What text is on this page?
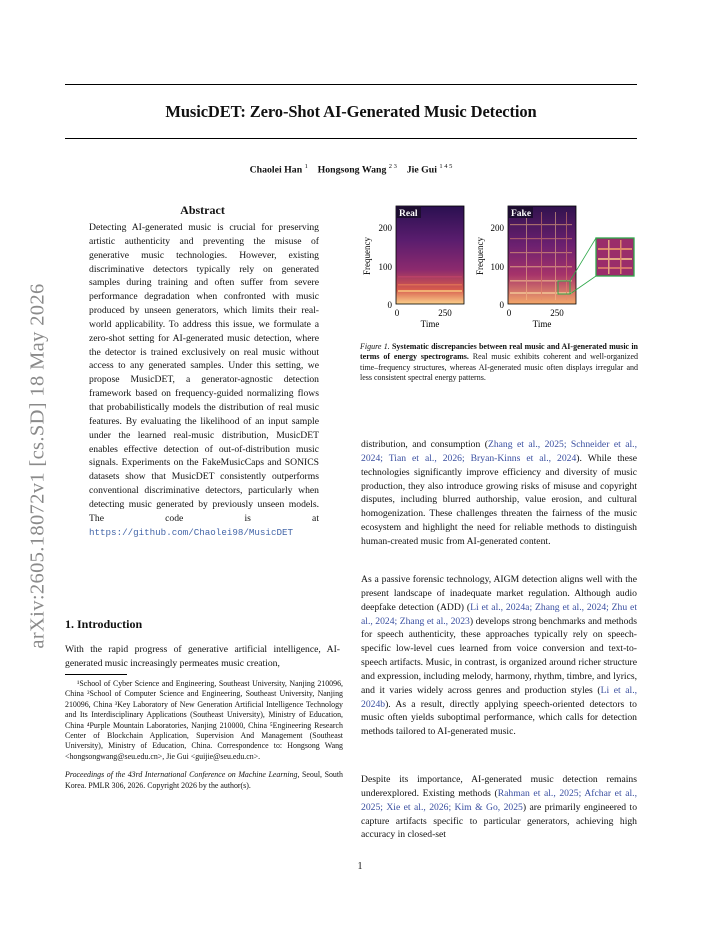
MusicDET: Zero-Shot AI-Generated Music Detection
Chaolei Han $^1$ Hongsong Wang $^{2 3}$ Jie Gui $^{1 4 5}$
arXiv:2605.18072v1 [cs.SD] 18 May 2026
Abstract
Detecting AI-generated music is crucial for preserving artistic authenticity and preventing the misuse of generative music technologies. However, existing discriminative detectors typically rely on generated samples during training and often suffer from severe performance degradation when confronted with music produced by unseen generators, which limits their real-world applicability. To address this issue, we formulate a zero-shot setting for AI-generated music detection, where the detector is trained exclusively on real music without access to any generated samples. Under this setting, we propose MusicDET, a generator-agnostic detection framework based on frequency-guided normalizing flows that probabilistically models the distribution of real music features. By evaluating the likelihood of an input sample under the learned real-music distribution, MusicDET enables effective detection of out-of-distribution music signals. Experiments on the FakeMusicCaps and SONICS datasets show that MusicDET consistently outperforms conventional discriminative detectors, particularly when detecting music generated by previously unseen models. The code is at https://github.com/Chaolei98/MusicDET
1. Introduction
With the rapid progress of generative artificial intelligence, AI-generated music increasingly permeates music creation,

¹School of Cyber Science and Engineering, Southeast University, Nanjing 210096, China ²School of Computer Science and Engineering, Southeast University, Nanjing 210096, China ³Key Laboratory of New Generation Artificial Intelligence Technology and Its Interdisciplinary Applications (Southeast University), Ministry of Education, China ⁴Purple Mountain Laboratories, Nanjing 210000, China ⁵Engineering Research Center of Blockchain Application, Supervision And Management (Southeast University), Ministry of Education, China. Correspondence to: Hongsong Wang <hongsongwang@seu.edu.cn>, Jie Gui <guijie@seu.edu.cn>.

Proceedings of the 43rd International Conference on Machine Learning, Seoul, South Korea. PMLR 306, 2026. Copyright 2026 by the author(s).

Real
200
100
0
Frequency
0	250
Time
Fake
200
100
0
Frequency
0	250
Time
Figure 1. Systematic discrepancies between real music and AI-generated music in terms of energy spectrograms. Real music exhibits coherent and well-organized time–frequency structures, whereas AI-generated music often displays irregular and less consistent spectral energy patterns.
distribution, and consumption (Zhang et al., 2025; Schneider et al., 2024; Tian et al., 2026; Bryan-Kinns et al., 2024). While these technologies significantly improve efficiency and diversity of music production, they also introduce growing risks of misuse and copyright disputes, including blurred authorship, value erosion, and cultural homogenization. These challenges threaten the fairness of the music ecosystem and highlight the need for reliable methods to distinguish human-created music from AI-generated content.
As a passive forensic technology, AIGM detection aligns well with the present landscape of inadequate market regulation. Although audio deepfake detection (ADD) (Li et al., 2024a; Zhang et al., 2024; Zhu et al., 2024; Zhang et al., 2023) develops strong benchmarks and methods for speech authenticity, these approaches typically rely on speech-specific low-level cues learned from voice conversion and text-to-speech artifacts. Music, in contrast, is organized around richer structure and expression, including melody, harmony, rhythm, timbre, and lyrics, and it varies widely across genres and production styles (Li et al., 2024b). As a result, directly applying speech-oriented detectors to music often yields suboptimal performance, which calls for detection methods tailored to AI-generated music.
Despite its importance, AI-generated music detection remains underexplored. Existing methods (Rahman et al., 2025; Afchar et al., 2025; Xie et al., 2026; Kim & Go, 2025) are primarily engineered to capture artifacts specific to particular generators, achieving high accuracy in closed-set
1
